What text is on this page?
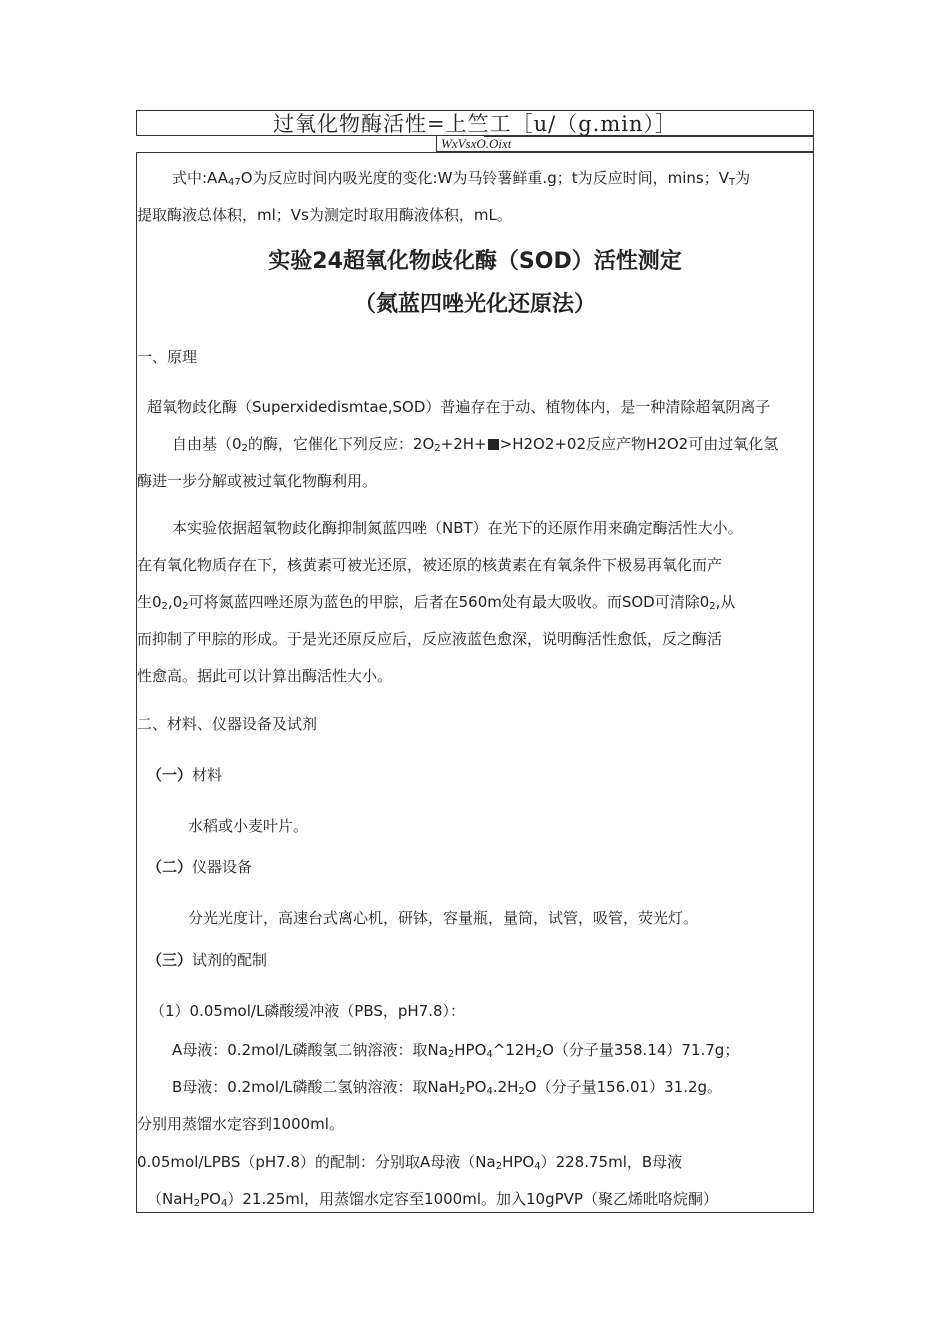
过氧化物酶活性=上竺工［u/（g.min）］
WxVsxO.Oixt
式中$:AA_{47}O$为反应时间内吸光度的变化:W为马铃薯鲜重.g；t为反应时间，mins；$V_T$为
提取酶液总体积，ml；Vs为测定时取用酶液体积，mL。
实验24超氧化物歧化酶（SOD）活性测定
（氮蓝四唑光化还原法）
一、原理
超氧物歧化酶（Superxidedismtae,SOD）普遍存在于动、植物体内，是一种清除超氧阴离子
自由基（$0_2$的酶，它催化下列反应：$2O_2+2H+ >H2O2+02$反应产物H2O2可由过氧化氢
酶进一步分解或被过氧化物酶利用。
本实验依据超氧物歧化酶抑制氮蓝四唑（NBT）在光下的还原作用来确定酶活性大小。
在有氧化物质存在下，核黄素可被光还原，被还原的核黄素在有氧条件下极易再氧化而产
生$0_2,0_2$可将氮蓝四唑还原为蓝色的甲腙，后者在560m处有最大吸收。而SOD可清除$0_2$,从
而抑制了甲腙的形成。于是光还原反应后，反应液蓝色愈深，说明酶活性愈低，反之酶活
性愈高。据此可以计算出酶活性大小。
二、材料、仪器设备及试剂
（一）材料
水稻或小麦叶片。
（二）仪器设备
分光光度计，高速台式离心机，研钵，容量瓶，量筒，试管，吸管，荧光灯。
（三）试剂的配制
（1）0.05mol/L磷酸缓冲液（PBS，pH7.8）：
A母液：0.2mol/L磷酸氢二钠溶液：取$Na_2HPO_4\^{}12H_2O$（分子量358.14）71.7g；
B母液：0.2mol/L磷酸二氢钠溶液：取$NaH_2PO_4.2H_2O$（分子量156.01）31.2g。
分别用蒸馏水定容到1000ml。
0.05mol/LPBS（pH7.8）的配制：分别取A母液$(Na_2HPO_4)228.75ml$，B母液
$(NaH_2PO_4)21.25ml$，用蒸馏水定容至1000ml。加入10gPVP（聚乙烯吡咯烷酮）
